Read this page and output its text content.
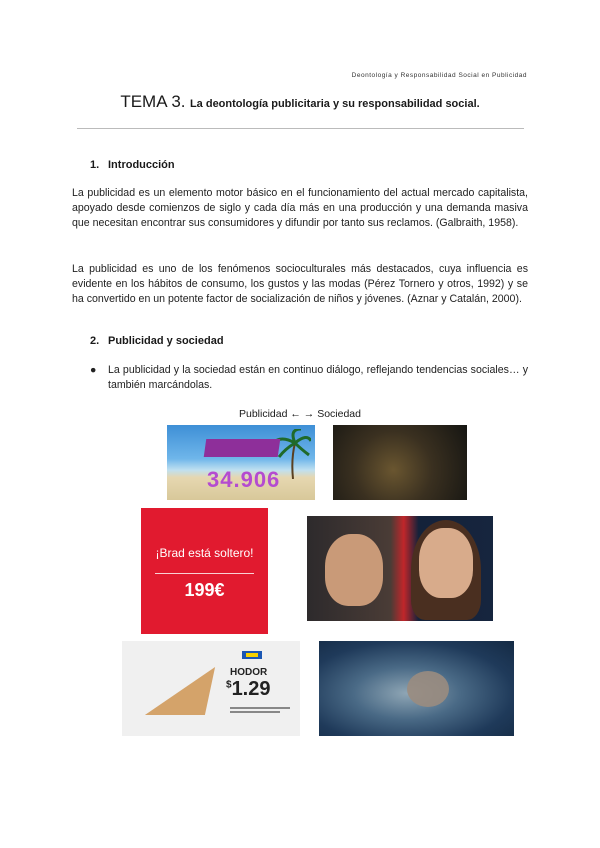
Deontología y Responsabilidad Social en Publicidad
TEMA 3. La deontología publicitaria y su responsabilidad social.
1. Introducción
La publicidad es un elemento motor básico en el funcionamiento del actual mercado capitalista, apoyado desde comienzos de siglo y cada día más en una producción y una demanda masiva que necesitan encontrar sus consumidores y difundir por tanto sus reclamos. (Galbraith, 1958).
La publicidad es uno de los fenómenos socioculturales más destacados, cuya influencia es evidente en los hábitos de consumo, los gustos y las modas (Pérez Tornero y otros, 1992) y se ha convertido en un potente factor de socialización de niños y jóvenes. (Aznar y Catalán, 2000).
2. Publicidad y sociedad
● La publicidad y la sociedad están en continuo diálogo, reflejando tendencias sociales… y también marcándolas.
Publicidad ← → Sociedad
34.906
¡Brad está soltero!
199€
HODOR
$1.29
